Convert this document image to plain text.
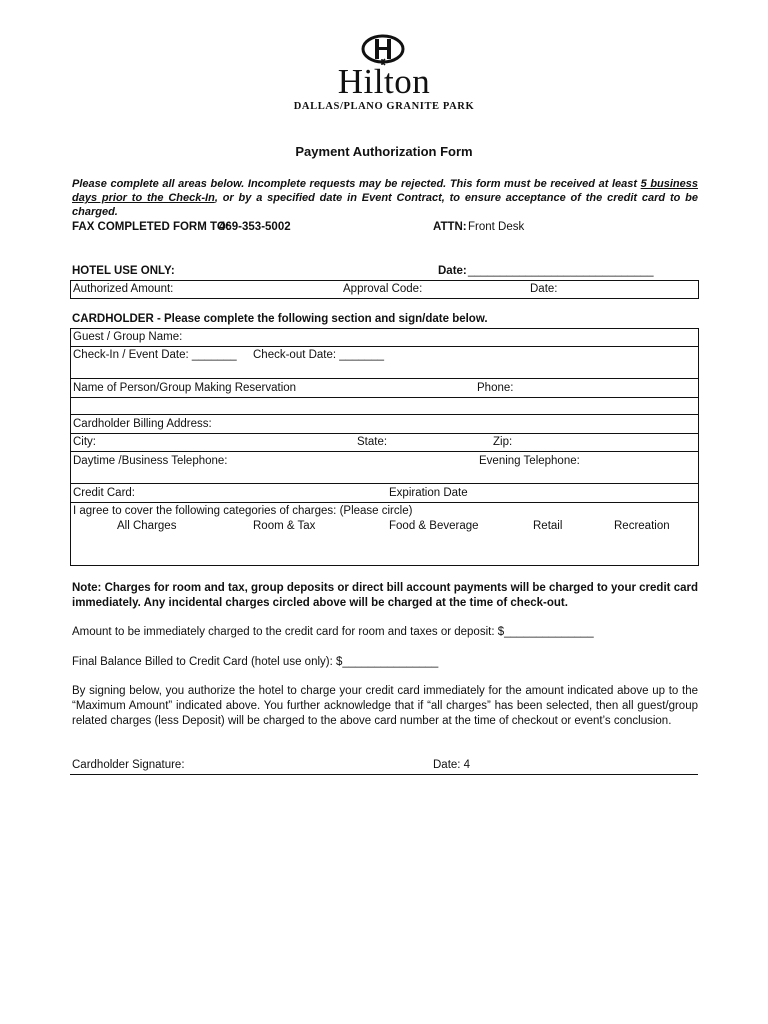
Hilton
DALLAS/PLANO GRANITE PARK
Payment Authorization Form
Please complete all areas below. Incomplete requests may be rejected. This form must be received at least 5 business days prior to the Check-In, or by a specified date in Event Contract, to ensure acceptance of the credit card to be charged.
FAX COMPLETED FORM TO:
469-353-5002	ATTN: Front Desk
HOTEL USE ONLY:	Date: _____________________________
Authorized Amount:	Approval Code:	Date:
CARDHOLDER - Please complete the following section and sign/date below.
Guest / Group Name:
Check-In / Event Date: _______ Check-out Date: _______
Name of Person/Group Making Reservation	Phone:
Cardholder Billing Address:
City:	State:	Zip:
Daytime /Business Telephone:	Evening Telephone:
Credit Card:	Expiration Date
I agree to cover the following categories of charges: (Please circle)
All Charges	Room & Tax	Food & Beverage	Retail	Recreation
Note: Charges for room and tax, group deposits or direct bill account payments will be charged to your credit card immediately. Any incidental charges circled above will be charged at the time of check-out.
Amount to be immediately charged to the credit card for room and taxes or deposit: $______________
Final Balance Billed to Credit Card (hotel use only): $_______________
By signing below, you authorize the hotel to charge your credit card immediately for the amount indicated above up to the “Maximum Amount” indicated above. You further acknowledge that if “all charges” has been selected, then all guest/group related charges (less Deposit) will be charged to the above card number at the time of checkout or event’s conclusion.
Cardholder Signature:	Date: 4
